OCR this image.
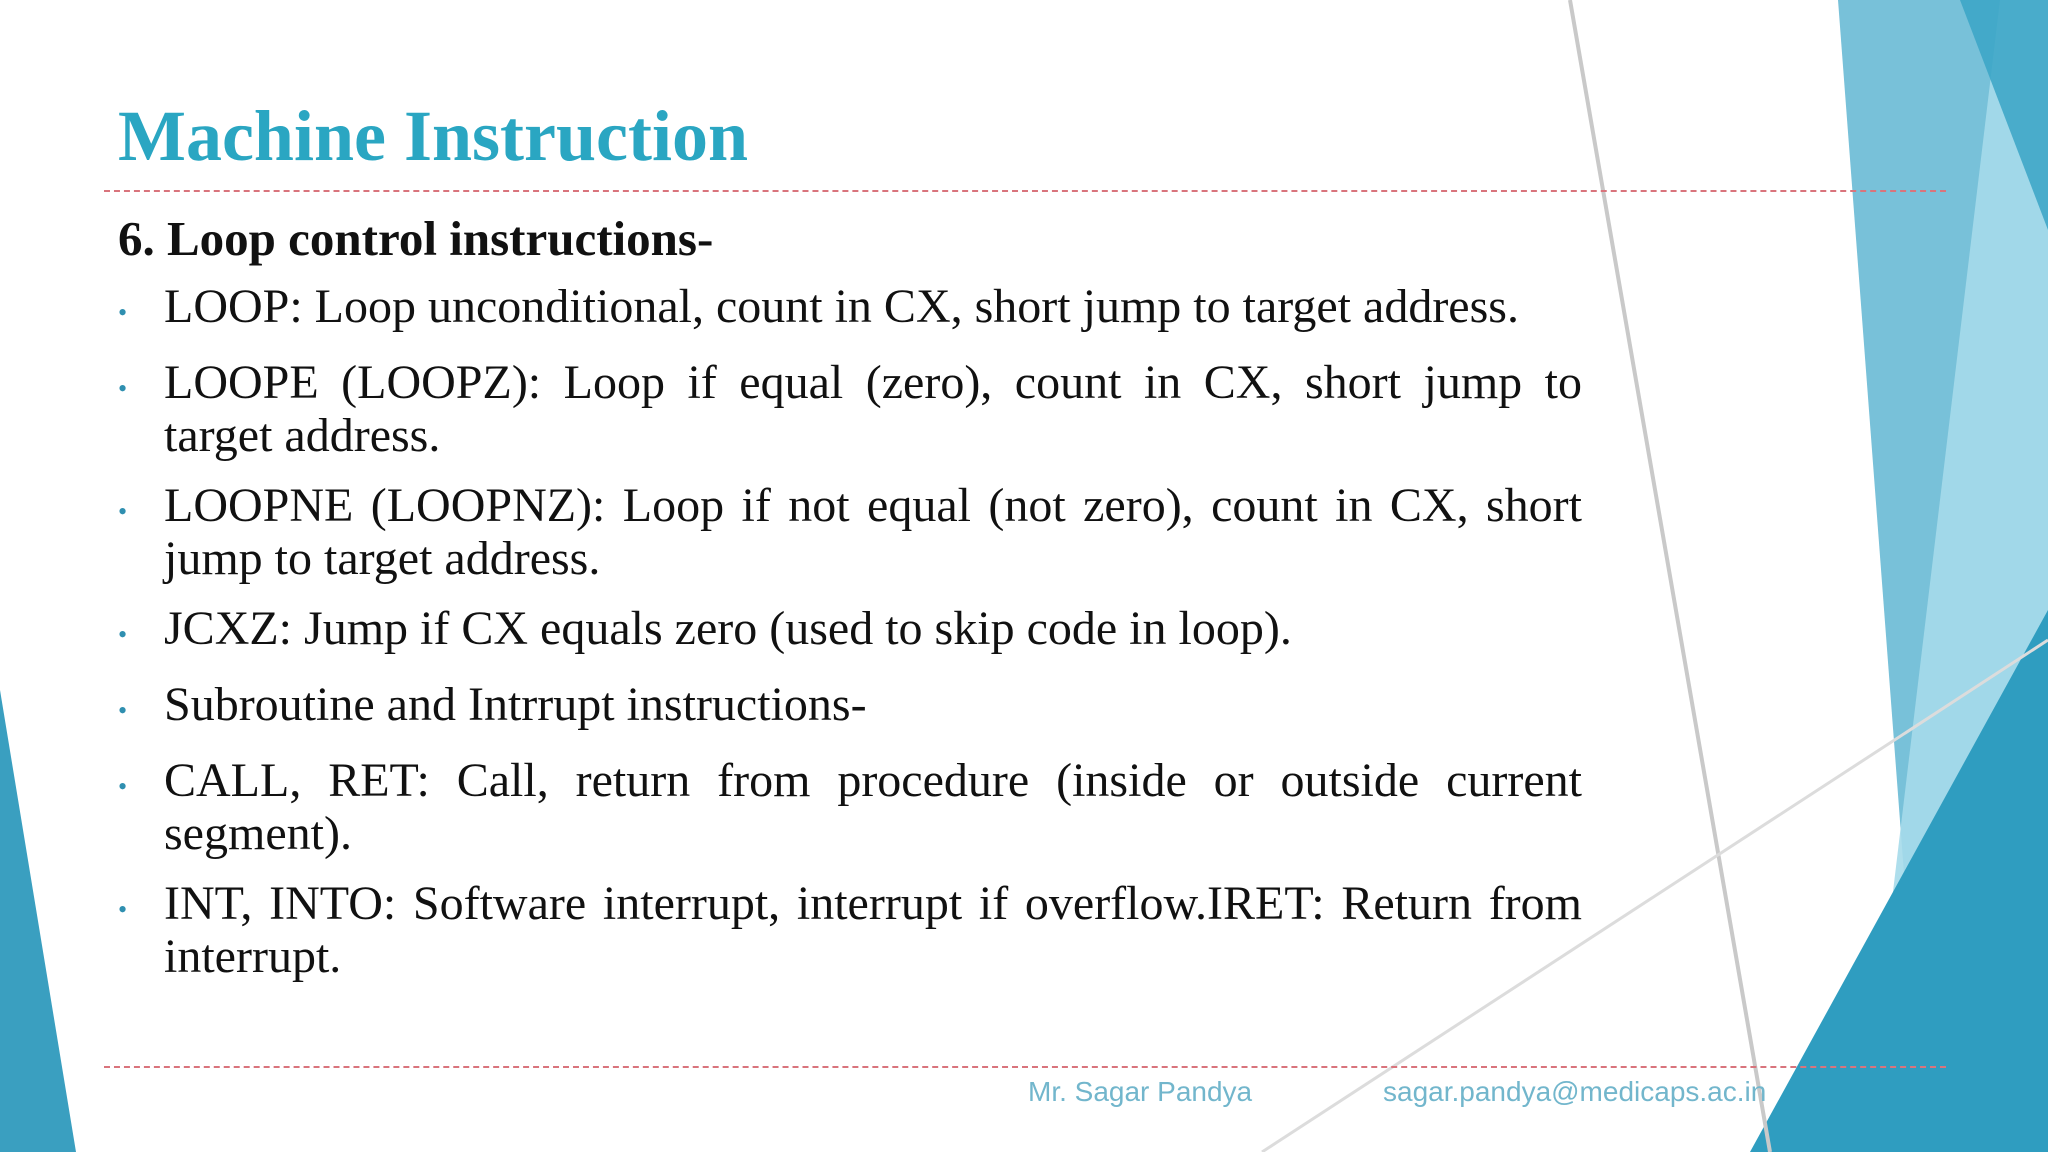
Machine Instruction
6. Loop control instructions-
• LOOP: Loop unconditional, count in CX, short jump to target address.
• LOOPE (LOOPZ): Loop if equal (zero), count in CX, short jump to target address.
• LOOPNE (LOOPNZ): Loop if not equal (not zero), count in CX, short jump to target address.
• JCXZ: Jump if CX equals zero (used to skip code in loop).
• Subroutine and Intrrupt instructions-
• CALL, RET: Call, return from procedure (inside or outside current segment).
• INT, INTO: Software interrupt, interrupt if overflow.IRET: Return from interrupt.
Mr. Sagar Pandya	sagar.pandya@medicaps.ac.in
